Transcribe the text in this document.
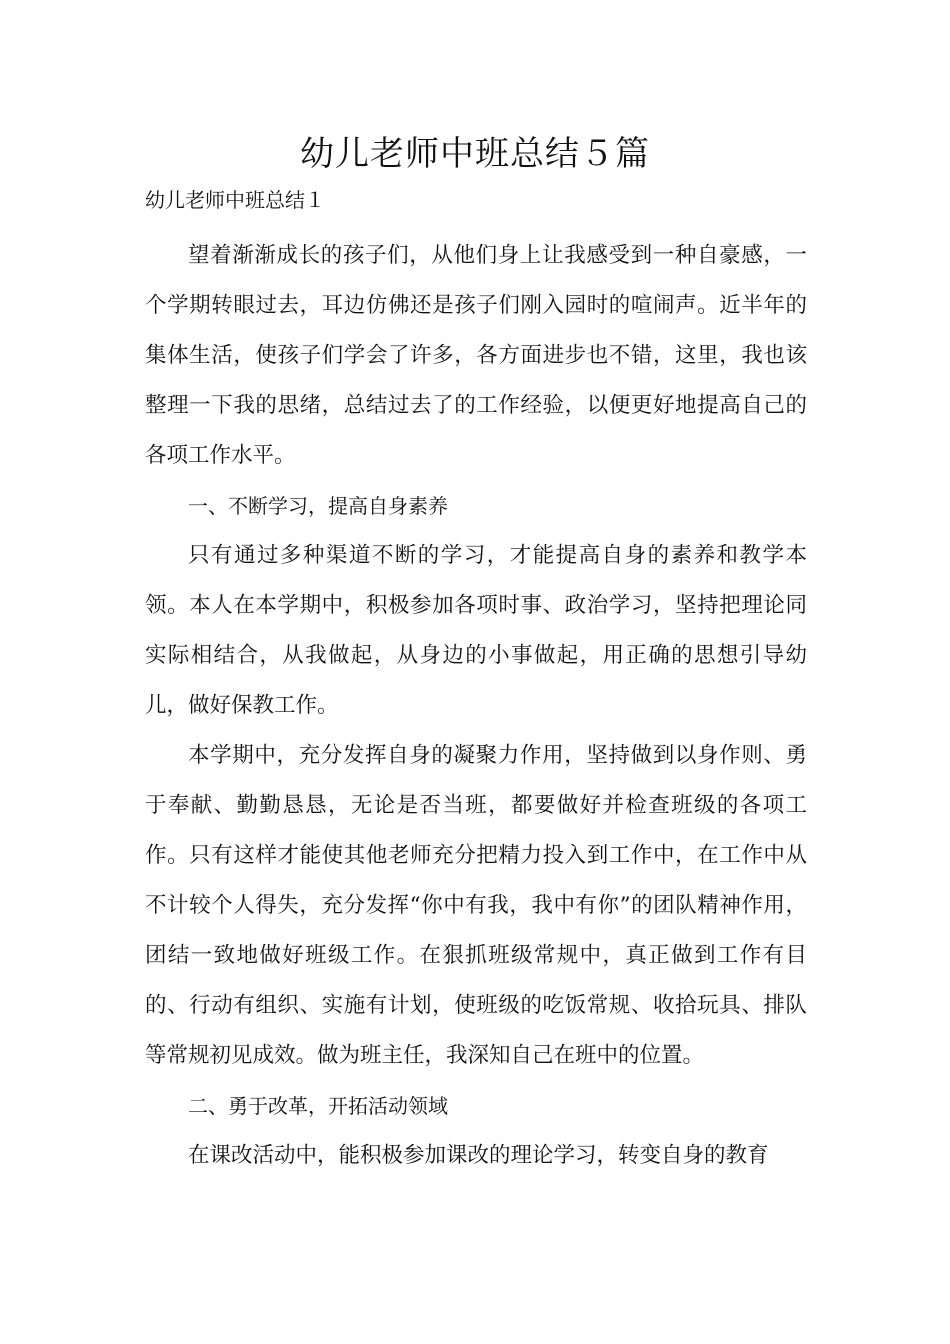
幼儿老师中班总结５篇

幼儿老师中班总结１

望着渐渐成长的孩子们，从他们身上让我感受到一种自豪感，一个学期转眼过去，耳边仿佛还是孩子们刚入园时的喧闹声。近半年的集体生活，使孩子们学会了许多，各方面进步也不错，这里，我也该整理一下我的思绪，总结过去了的工作经验，以便更好地提高自己的各项工作水平。

一、不断学习，提高自身素养

只有通过多种渠道不断的学习，才能提高自身的素养和教学本领。本人在本学期中，积极参加各项时事、政治学习，坚持把理论同实际相结合，从我做起，从身边的小事做起，用正确的思想引导幼儿，做好保教工作。

本学期中，充分发挥自身的凝聚力作用，坚持做到以身作则、勇于奉献、勤勤恳恳，无论是否当班，都要做好并检查班级的各项工作。只有这样才能使其他老师充分把精力投入到工作中，在工作中从不计较个人得失，充分发挥“你中有我，我中有你”的团队精神作用，团结一致地做好班级工作。在狠抓班级常规中，真正做到工作有目的、行动有组织、实施有计划，使班级的吃饭常规、收拾玩具、排队等常规初见成效。做为班主任，我深知自己在班中的位置。

二、勇于改革，开拓活动领域

在课改活动中，能积极参加课改的理论学习，转变自身的教育
